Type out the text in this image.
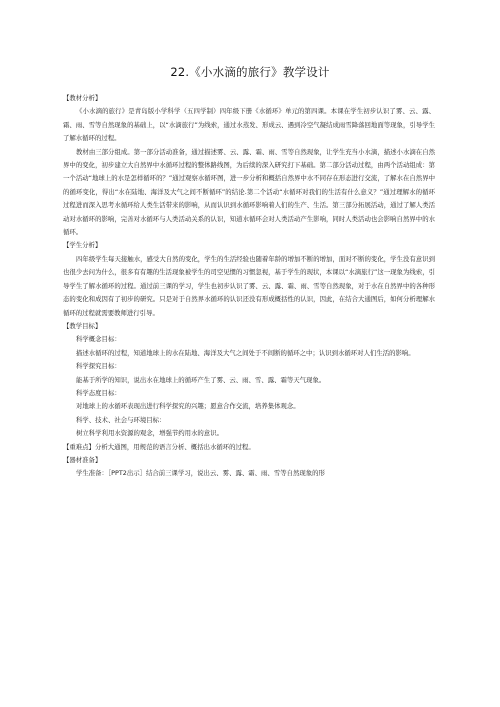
22.《小水滴的旅行》教学设计

【教材分析】

《小水滴的旅行》是青岛版小学科学（五四学制）四年级下册《水循环》单元的第四课。本课在学生初步认识了雾、云、露、霜、雨、雪等自然现象的基础上，以“水滴旅行”为线索，通过水蒸发、形成云、遇到冷空气凝结成雨雪降落回地面等现象，引导学生了解水循环的过程。

教材由三部分组成。第一部分活动准备，通过描述雾、云、露、霜、雨、雪等自然现象，让学生充当小水滴，描述小水滴在自然界中的变化，初步建立大自然界中水循环过程的整体路线图，为后续的深入研究打下基础。第二部分活动过程，由两个活动组成：第一个活动“地球上的水是怎样循环的？”通过观察水循环图，进一步分析和概括自然界中水不同存在形态进行交流，了解水在自然界中的循环变化，得出“水在陆地、海洋及大气之间不断循环”的结论.第二个活动“水循环对我们的生活有什么意义？”通过理解水的循环过程进而深入思考水循环给人类生活带来的影响，从而认识到水循环影响着人们的生产、生活。第三部分拓展活动，通过了解人类活动对水循环的影响，完善对水循环与人类活动关系的认识，知道水循环会对人类活动产生影响，同时人类活动也会影响自然界中的水循环。

【学生分析】

四年级学生每天接触水，感受大自然的变化，学生的生活经验也随着年龄的增加不断的增加，面对不断的变化，学生没有意识到也很少去问为什么，很多有有趣的生活现象被学生的司空见惯的习惯忽视，基于学生的现状，本课以“水滴旅行”这一现象为线索，引导学生了解水循环的过程。通过前三课的学习，学生也初步认识了雾、云、露、霜、雨、雪等自然现象，对于水在自然界中的各种形态的变化和成因有了初步的研究。只是对于自然界水循环的认识还没有形成概括性的认识，因此，在结合大通图后，如何分析理解水循环的过程就需要教师进行引导。

【教学目标】

科学概念目标：

描述水循环的过程，知道地球上的水在陆地、海洋及大气之间处于不间断的循环之中；认识到水循环对人们生活的影响。

科学探究目标：

能基于所学的知识，说出水在地球上的循环产生了雾、云、雨、雪、露、霜等天气现象。

科学态度目标：

对地球上的水循环表现出进行科学探究的兴趣；愿意合作交流，培养集体观念。

科学、技术、社会与环境目标：

树立科学利用水资源的观念，增强节约用水的意识。

【重难点】分析大通图，用规范的语言分析、概括出水循环的过程。

【器材准备】

学生准备：［PPT2出示］结合前三课学习，说出云、雾、露、霜、雨、雪等自然现象的形
